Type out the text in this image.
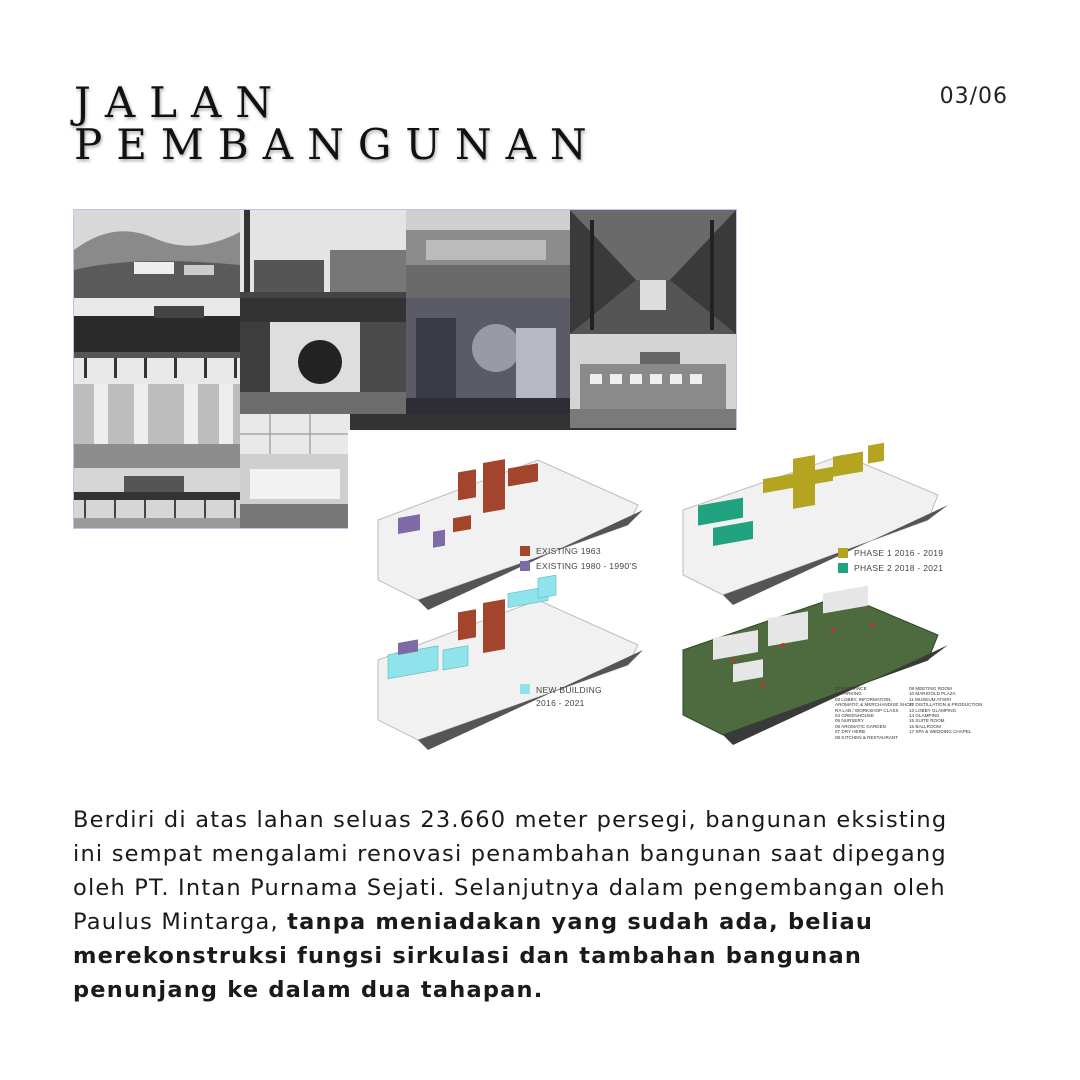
JALAN
PEMBANGUNAN
03/06
EXISTING 1963
EXISTING 1980 - 1990'S
PHASE 1 2016 - 2019
PHASE 2 2018 - 2021
NEW BUILDING
2016 - 2021
01 ENTRANCE
02 PARKING
03 LOBBY, INFORMATION,
AROMATIC & MERCHANDISE SHOP
RA LAB / WORKSHOP CLASS
04 GREENHOUSE
05 NURSERY
06 AROMATIC GARDEN
07 DRY HERB
08 KITCHEN & RESTAURANT
09 MEETING ROOM
10 MARIGOLD PLAZA
11 MUSEUM ATSIRI
12 DISTILLATION & PRODUCTION
13 LOBBY GLAMPING
14 GLAMPING
15 SUITE ROOM
16 BALLROOM
17 SPA & WEDDING CHAPEL

Berdiri di atas lahan seluas 23.660 meter persegi, bangunan eksisting ini sempat mengalami renovasi penambahan bangunan saat dipegang oleh PT. Intan Purnama Sejati. Selanjutnya dalam pengembangan oleh Paulus Mintarga, tanpa meniadakan yang sudah ada, beliau merekonstruksi fungsi sirkulasi dan tambahan bangunan penunjang ke dalam dua tahapan.
